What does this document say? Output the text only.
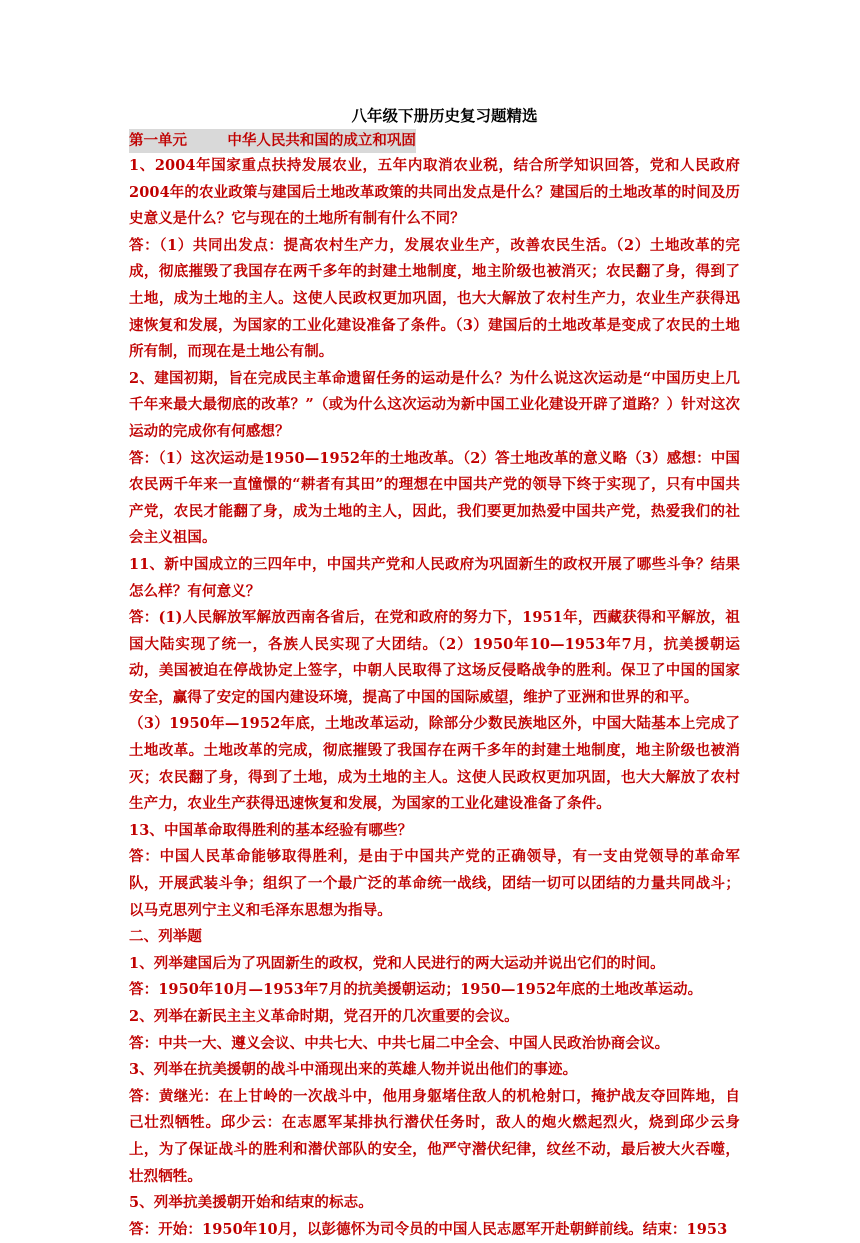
八年级下册历史复习题精选

第一单元        中华人民共和国的成立和巩固

1、2004年国家重点扶持发展农业，五年内取消农业税，结合所学知识回答，党和人民政府2004年的农业政策与建国后土地改革政策的共同出发点是什么？建国后的土地改革的时间及历史意义是什么？它与现在的土地所有制有什么不同？

答：（1）共同出发点：提高农村生产力，发展农业生产，改善农民生活。（2）土地改革的完成，彻底摧毁了我国存在两千多年的封建土地制度，地主阶级也被消灭；农民翻了身，得到了土地，成为土地的主人。这使人民政权更加巩固，也大大解放了农村生产力，农业生产获得迅速恢复和发展，为国家的工业化建设准备了条件。（3）建国后的土地改革是变成了农民的土地所有制，而现在是土地公有制。

2、建国初期，旨在完成民主革命遗留任务的运动是什么？为什么说这次运动是“中国历史上几千年来最大最彻底的改革？”（或为什么这次运动为新中国工业化建设开辟了道路？）针对这次运动的完成你有何感想？

答：（1）这次运动是1950—1952年的土地改革。（2）答土地改革的意义略（3）感想：中国农民两千年来一直憧憬的“耕者有其田”的理想在中国共产党的领导下终于实现了，只有中国共产党，农民才能翻了身，成为土地的主人，因此，我们要更加热爱中国共产党，热爱我们的社会主义祖国。

11、新中国成立的三四年中，中国共产党和人民政府为巩固新生的政权开展了哪些斗争？结果怎么样？有何意义？

答：(1)人民解放军解放西南各省后，在党和政府的努力下，1951年，西藏获得和平解放，祖国大陆实现了统一，各族人民实现了大团结。（2）1950年10—1953年7月，抗美援朝运动，美国被迫在停战协定上签字，中朝人民取得了这场反侵略战争的胜利。保卫了中国的国家安全，赢得了安定的国内建设环境，提高了中国的国际威望，维护了亚洲和世界的和平。

（3）1950年—1952年底，土地改革运动，除部分少数民族地区外，中国大陆基本上完成了土地改革。土地改革的完成，彻底摧毁了我国存在两千多年的封建土地制度，地主阶级也被消灭；农民翻了身，得到了土地，成为土地的主人。这使人民政权更加巩固，也大大解放了农村生产力，农业生产获得迅速恢复和发展，为国家的工业化建设准备了条件。

13、中国革命取得胜利的基本经验有哪些？

答：中国人民革命能够取得胜利，是由于中国共产党的正确领导，有一支由党领导的革命军队，开展武装斗争；组织了一个最广泛的革命统一战线，团结一切可以团结的力量共同战斗；以马克思列宁主义和毛泽东思想为指导。

二、列举题

1、列举建国后为了巩固新生的政权，党和人民进行的两大运动并说出它们的时间。

答：1950年10月—1953年7月的抗美援朝运动；1950—1952年底的土地改革运动。

2、列举在新民主主义革命时期，党召开的几次重要的会议。

答：中共一大、遵义会议、中共七大、中共七届二中全会、中国人民政治协商会议。

3、列举在抗美援朝的战斗中涌现出来的英雄人物并说出他们的事迹。

答：黄继光：在上甘岭的一次战斗中，他用身躯堵住敌人的机枪射口，掩护战友夺回阵地，自己壮烈牺牲。邱少云：在志愿军某排执行潜伏任务时，敌人的炮火燃起烈火，烧到邱少云身上，为了保证战斗的胜利和潜伏部队的安全，他严守潜伏纪律，纹丝不动，最后被大火吞噬，壮烈牺牲。

5、列举抗美援朝开始和结束的标志。

答：开始：1950年10月，以彭德怀为司令员的中国人民志愿军开赴朝鲜前线。结束：1953
